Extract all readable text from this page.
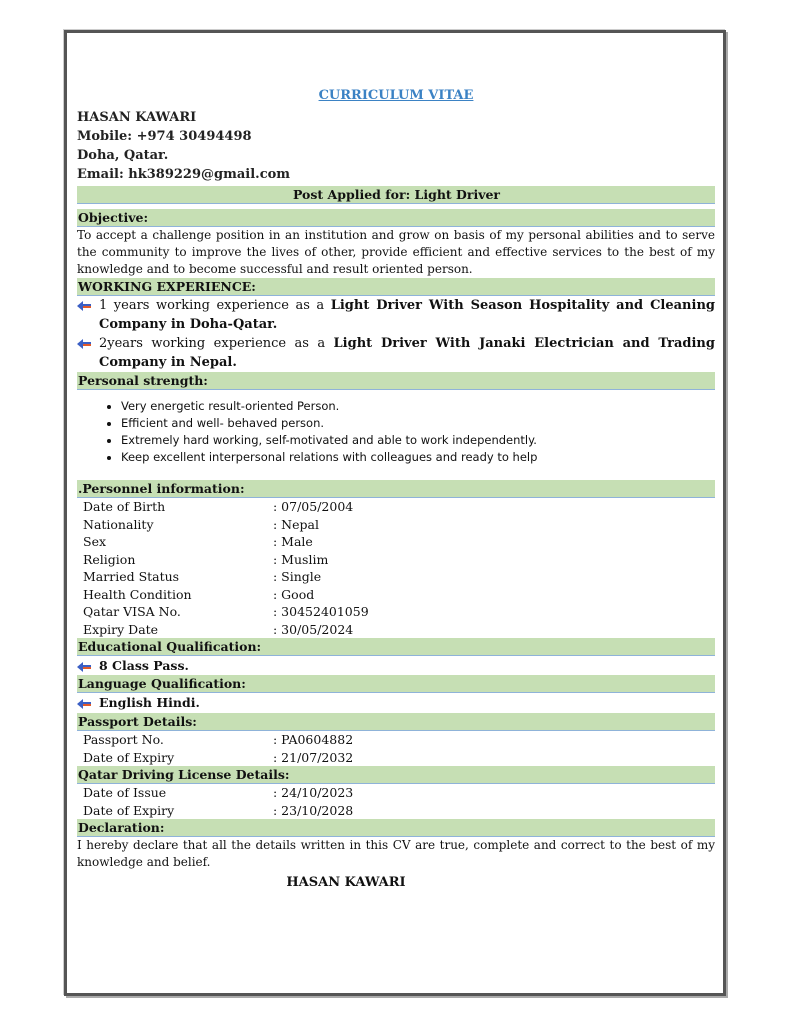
CURRICULUM VITAE
HASAN KAWARI
Mobile: +974 30494498
Doha, Qatar.
Email: hk389229@gmail.com
Post Applied for: Light Driver
Objective:
To accept a challenge position in an institution and grow on basis of my personal abilities and to serve the community to improve the lives of other, provide efficient and effective services to the best of my knowledge and to become successful and result oriented person.
WORKING EXPERIENCE:
1 years working experience as a Light Driver With Season Hospitality and Cleaning Company in Doha-Qatar.
2years working experience as a Light Driver With Janaki Electrician and Trading Company in Nepal.
Personal strength:
• Very energetic result-oriented Person.
• Efficient and well- behaved person.
• Extremely hard working, self-motivated and able to work independently.
• Keep excellent interpersonal relations with colleagues and ready to help
.Personnel information:
Date of Birth	: 07/05/2004
Nationality	: Nepal
Sex	: Male
Religion	: Muslim
Married Status	: Single
Health Condition	: Good
Qatar VISA No.	: 30452401059
Expiry Date	: 30/05/2024
Educational Qualification:
8 Class Pass.
Language Qualification:
English Hindi.
Passport Details:
Passport No.	: PA0604882
Date of Expiry	: 21/07/2032
Qatar Driving License Details:
Date of Issue	: 24/10/2023
Date of Expiry	: 23/10/2028
Declaration:
I hereby declare that all the details written in this CV are true, complete and correct to the best of my knowledge and belief.
HASAN KAWARI
